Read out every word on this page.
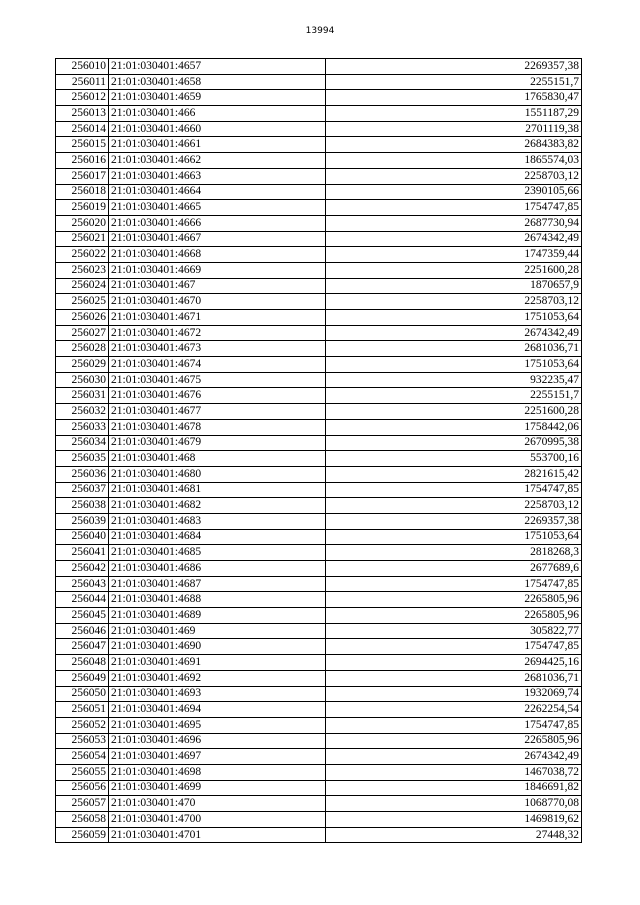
13994
256010	21:01:030401:4657	2269357,38
256011	21:01:030401:4658	2255151,7
256012	21:01:030401:4659	1765830,47
256013	21:01:030401:466	1551187,29
256014	21:01:030401:4660	2701119,38
256015	21:01:030401:4661	2684383,82
256016	21:01:030401:4662	1865574,03
256017	21:01:030401:4663	2258703,12
256018	21:01:030401:4664	2390105,66
256019	21:01:030401:4665	1754747,85
256020	21:01:030401:4666	2687730,94
256021	21:01:030401:4667	2674342,49
256022	21:01:030401:4668	1747359,44
256023	21:01:030401:4669	2251600,28
256024	21:01:030401:467	1870657,9
256025	21:01:030401:4670	2258703,12
256026	21:01:030401:4671	1751053,64
256027	21:01:030401:4672	2674342,49
256028	21:01:030401:4673	2681036,71
256029	21:01:030401:4674	1751053,64
256030	21:01:030401:4675	932235,47
256031	21:01:030401:4676	2255151,7
256032	21:01:030401:4677	2251600,28
256033	21:01:030401:4678	1758442,06
256034	21:01:030401:4679	2670995,38
256035	21:01:030401:468	553700,16
256036	21:01:030401:4680	2821615,42
256037	21:01:030401:4681	1754747,85
256038	21:01:030401:4682	2258703,12
256039	21:01:030401:4683	2269357,38
256040	21:01:030401:4684	1751053,64
256041	21:01:030401:4685	2818268,3
256042	21:01:030401:4686	2677689,6
256043	21:01:030401:4687	1754747,85
256044	21:01:030401:4688	2265805,96
256045	21:01:030401:4689	2265805,96
256046	21:01:030401:469	305822,77
256047	21:01:030401:4690	1754747,85
256048	21:01:030401:4691	2694425,16
256049	21:01:030401:4692	2681036,71
256050	21:01:030401:4693	1932069,74
256051	21:01:030401:4694	2262254,54
256052	21:01:030401:4695	1754747,85
256053	21:01:030401:4696	2265805,96
256054	21:01:030401:4697	2674342,49
256055	21:01:030401:4698	1467038,72
256056	21:01:030401:4699	1846691,82
256057	21:01:030401:470	1068770,08
256058	21:01:030401:4700	1469819,62
256059	21:01:030401:4701	27448,32
